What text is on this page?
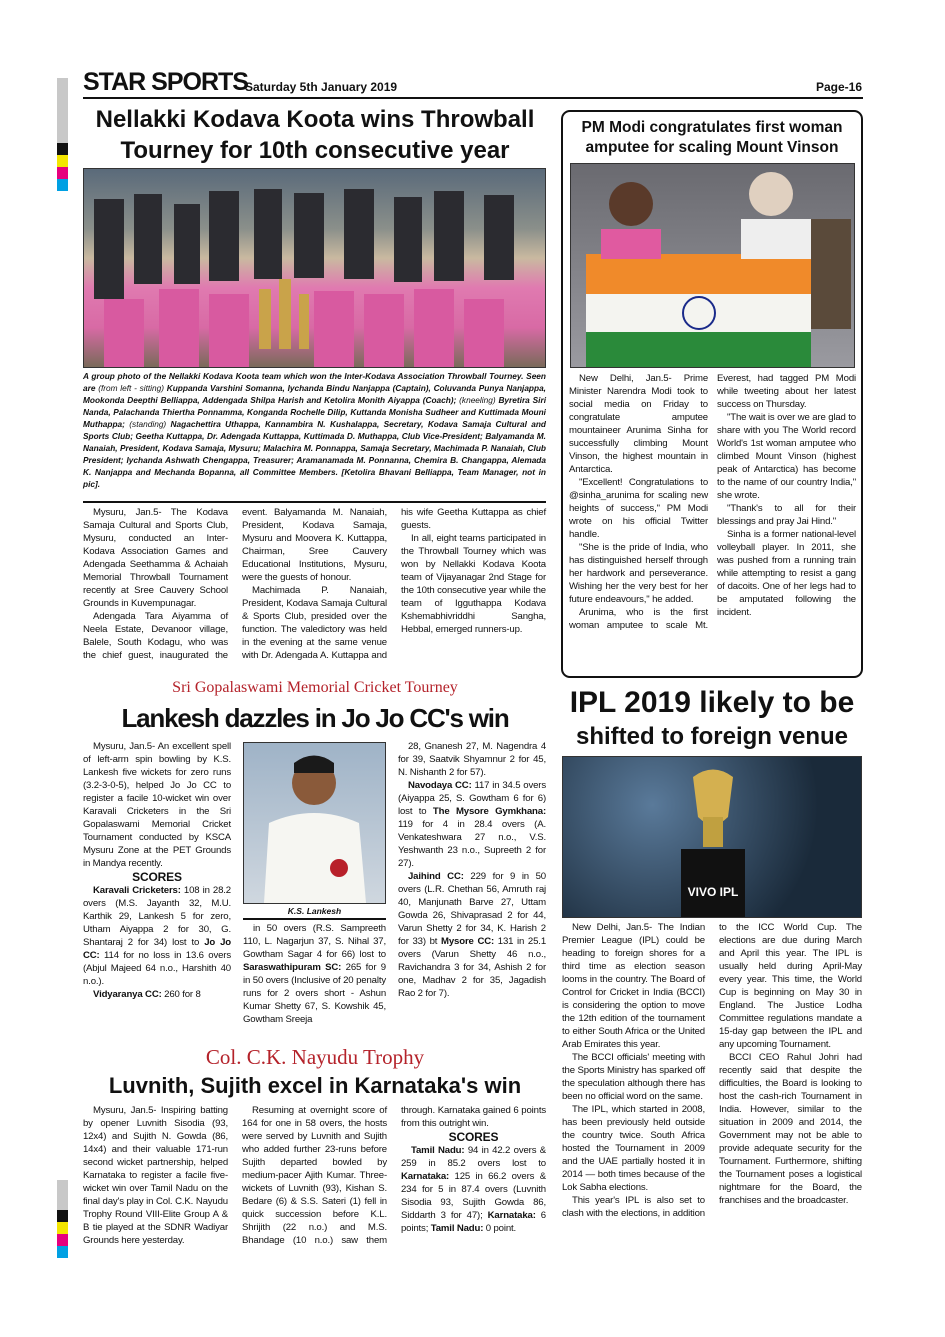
STAR SPORTS
Saturday 5th January 2019	Page-16
Nellakki Kodava Koota wins Throwball
Tourney for 10th consecutive year
A group photo of the Nellakki Kodava Koota team which won the Inter-Kodava Association Throwball Tourney. Seen are (from left - sitting) Kuppanda Varshini Somanna, Iychanda Bindu Nanjappa (Captain), Coluvanda Punya Nanjappa, Mookonda Deepthi Belliappa, Addengada Shilpa Harish and Ketolira Monith Aiyappa (Coach); (kneeling) Byretira Siri Nanda, Palachanda Thiertha Ponnamma, Konganda Rochelle Dilip, Kuttanda Monisha Sudheer and Kuttimada Mouni Muthappa; (standing) Nagachettira Uthappa, Kannambira N. Kushalappa, Secretary, Kodava Samaja Cultural and Sports Club; Geetha Kuttappa, Dr. Adengada Kuttappa, Kuttimada D. Muthappa, Club Vice-President; Balyamanda M. Nanaiah, President, Kodava Samaja, Mysuru; Malachira M. Ponnappa, Samaja Secretary, Machimada P. Nanaiah, Club President; Iychanda Ashwath Chengappa, Treasurer; Aramanamada M. Ponnanna, Chemira B. Changappa, Alemada K. Nanjappa and Mechanda Bopanna, all Committee Members. [Ketolira Bhavani Belliappa, Team Manager, not in pic].

Mysuru, Jan.5- The Kodava Samaja Cultural and Sports Club, Mysuru, conducted an Inter-Kodava Association Games and Adengada Seethamma & Achaiah Memorial Throwball Tournament recently at Sree Cauvery School Grounds in Kuvempunagar.

Adengada Tara Aiyamma of Neela Estate, Devanoor village, Balele, South Kodagu, who was the chief guest, inaugurated the event. Balyamanda M. Nanaiah, President, Kodava Samaja, Mysuru and Moovera K. Kuttappa, Chairman, Sree Cauvery Educational Institutions, Mysuru, were the guests of honour.

Machimada P. Nanaiah, President, Kodava Samaja Cultural & Sports Club, presided over the function. The valedictory was held in the evening at the same venue with Dr. Adengada A. Kuttappa and his wife Geetha Kuttappa as chief guests.

In all, eight teams participated in the Throwball Tourney which was won by Nellakki Kodava Koota team of Vijayanagar 2nd Stage for the 10th consecutive year while the team of Igguthappa Kodava Kshemabhivriddhi Sangha, Hebbal, emerged runners-up.

PM Modi congratulates first woman
amputee for scaling Mount Vinson

New Delhi, Jan.5- Prime Minister Narendra Modi took to social media on Friday to congratulate amputee mountaineer Arunima Sinha for successfully climbing Mount Vinson, the highest mountain in Antarctica.

"Excellent! Congratulations to @sinha_arunima for scaling new heights of success," PM Modi wrote on his official Twitter handle.

"She is the pride of India, who has distinguished herself through her hardwork and perseverance. Wishing her the very best for her future endeavours," he added.

Arunima, who is the first woman amputee to scale Mt. Everest, had tagged PM Modi while tweeting about her latest success on Thursday.

"The wait is over we are glad to share with you The World record World's 1st woman amputee who climbed Mount Vinson (highest peak of Antarctica) has become to the name of our country India," she wrote.

"Thank's to all for their blessings and pray Jai Hind."

Sinha is a former national-level volleyball player. In 2011, she was pushed from a running train while attempting to resist a gang of dacoits. One of her legs had to be amputated following the incident.

Sri Gopalaswami Memorial Cricket Tourney
Lankesh dazzles in Jo Jo CC's win

Mysuru, Jan.5- An excellent spell of left-arm spin bowling by K.S. Lankesh five wickets for zero runs (3.2-3-0-5), helped Jo Jo CC to register a facile 10-wicket win over Karavali Cricketers in the Sri Gopalaswami Memorial Cricket Tournament conducted by KSCA Mysuru Zone at the PET Grounds in Mandya recently.

SCORES

Karavali Cricketers: 108 in 28.2 overs (M.S. Jayanth 32, M.U. Karthik 29, Lankesh 5 for zero, Utham Aiyappa 2 for 30, G. Shantaraj 2 for 34) lost to Jo Jo CC: 114 for no loss in 13.6 overs (Abjul Majeed 64 n.o., Harshith 40 n.o.).

Vidyaranya CC: 260 for 8

K.S. Lankesh

in 50 overs (R.S. Sampreeth 110, L. Nagarjun 37, S. Nihal 37, Gowtham Sagar 4 for 66) lost to Saraswathipuram SC: 265 for 9 in 50 overs (Inclusive of 20 penalty runs for 2 overs short - Ashun Kumar Shetty 67, S. Kowshik 45, Gowtham Sreeja

28, Gnanesh 27, M. Nagendra 4 for 39, Saatvik Shyamnur 2 for 45, N. Nishanth 2 for 57).

Navodaya CC: 117 in 34.5 overs (Aiyappa 25, S. Gowtham 6 for 6) lost to The Mysore Gymkhana: 119 for 4 in 28.4 overs (A. Venkateshwara 27 n.o., V.S. Yeshwanth 23 n.o., Supreeth 2 for 27).

Jaihind CC: 229 for 9 in 50 overs (L.R. Chethan 56, Amruth raj 40, Manjunath Barve 27, Uttam Gowda 26, Shivaprasad 2 for 44, Varun Shetty 2 for 34, K. Harish 2 for 33) bt Mysore CC: 131 in 25.1 overs (Varun Shetty 46 n.o., Ravichandra 3 for 34, Ashish 2 for one, Madhav 2 for 35, Jagadish Rao 2 for 7).

Col. C.K. Nayudu Trophy
Luvnith, Sujith excel in Karnataka's win

Mysuru, Jan.5- Inspiring batting by opener Luvnith Sisodia (93, 12x4) and Sujith N. Gowda (86, 14x4) and their valuable 171-run second wicket partnership, helped Karnataka to register a facile five-wicket win over Tamil Nadu on the final day's play in Col. C.K. Nayudu Trophy Round VIII-Elite Group A & B tie played at the SDNR Wadiyar Grounds here yesterday.

Resuming at overnight score of 164 for one in 58 overs, the hosts were served by Luvnith and Sujith who added further 23-runs before Sujith departed bowled by medium-pacer Ajith Kumar. Three-wickets of Luvnith (93), Kishan S. Bedare (6) & S.S. Sateri (1) fell in quick succession before K.L. Shrijith (22 n.o.) and M.S. Bhandage (10 n.o.) saw them through. Karnataka gained 6 points from this outright win.

SCORES

Tamil Nadu: 94 in 42.2 overs & 259 in 85.2 overs lost to Karnataka: 125 in 66.2 overs & 234 for 5 in 87.4 overs (Luvnith Sisodia 93, Sujith Gowda 86, Siddarth 3 for 47); Karnataka: 6 points; Tamil Nadu: 0 point.

IPL 2019 likely to be
shifted to foreign venue
VIVO IPL

New Delhi, Jan.5- The Indian Premier League (IPL) could be heading to foreign shores for a third time as election season looms in the country. The Board of Control for Cricket in India (BCCI) is considering the option to move the 12th edition of the tournament to either South Africa or the United Arab Emirates this year.

The BCCI officials' meeting with the Sports Ministry has sparked off the speculation although there has been no official word on the same.

The IPL, which started in 2008, has been previously held outside the country twice. South Africa hosted the Tournament in 2009 and the UAE partially hosted it in 2014 — both times because of the Lok Sabha elections.

This year's IPL is also set to clash with the elections, in addition to the ICC World Cup. The elections are due during March and April this year. The IPL is usually held during April-May every year. This time, the World Cup is beginning on May 30 in England. The Justice Lodha Committee regulations mandate a 15-day gap between the IPL and any upcoming Tournament.

BCCI CEO Rahul Johri had recently said that despite the difficulties, the Board is looking to host the cash-rich Tournament in India. However, similar to the situation in 2009 and 2014, the Government may not be able to provide adequate security for the Tournament. Furthermore, shifting the Tournament poses a logistical nightmare for the Board, the franchises and the broadcaster.
